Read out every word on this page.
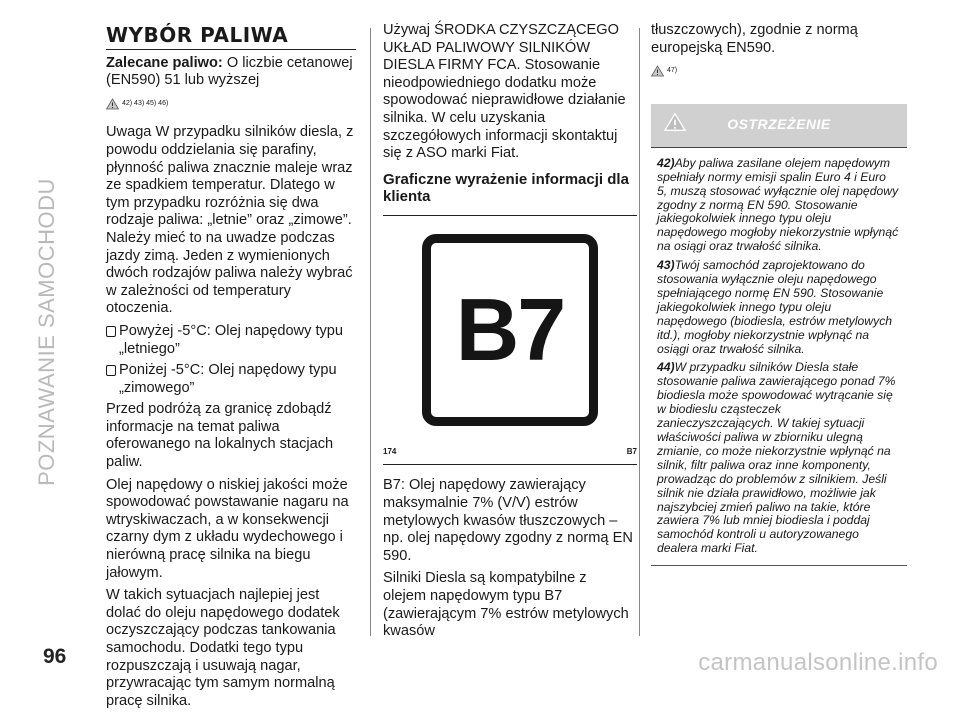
POZNAWANIE SAMOCHODU
WYBÓR PALIWA

Zalecane paliwo: O liczbie cetanowej (EN590) 51 lub wyższej

42) 43) 45) 46)

Uwaga W przypadku silników diesla, z powodu oddzielania się parafiny, płynność paliwa znacznie maleje wraz ze spadkiem temperatur. Dlatego w tym przypadku rozróżnia się dwa rodzaje paliwa: „letnie” oraz „zimowe”. Należy mieć to na uwadze podczas jazdy zimą. Jeden z wymienionych dwóch rodzajów paliwa należy wybrać w zależności od temperatury otoczenia.

Powyżej -5°C: Olej napędowy typu „letniego”
Poniżej -5°C: Olej napędowy typu „zimowego”

Przed podróżą za granicę zdobądź informacje na temat paliwa oferowanego na lokalnych stacjach paliw.

Olej napędowy o niskiej jakości może spowodować powstawanie nagaru na wtryskiwaczach, a w konsekwencji czarny dym z układu wydechowego i nierówną pracę silnika na biegu jałowym.

W takich sytuacjach najlepiej jest dolać do oleju napędowego dodatek oczyszczający podczas tankowania samochodu. Dodatki tego typu rozpuszczają i usuwają nagar, przywracając tym samym normalną pracę silnika.

Używaj ŚRODKA CZYSZCZĄCEGO UKŁAD PALIWOWY SILNIKÓW DIESLA FIRMY FCA. Stosowanie nieodpowiedniego dodatku może spowodować nieprawidłowe działanie silnika. W celu uzyskania szczegółowych informacji skontaktuj się z ASO marki Fiat.

Graficzne wyrażenie informacji dla klienta
B7
174	B7

B7: Olej napędowy zawierający maksymalnie 7% (V/V) estrów metylowych kwasów tłuszczowych – np. olej napędowy zgodny z normą EN 590.

Silniki Diesla są kompatybilne z olejem napędowym typu B7 (zawierającym 7% estrów metylowych kwasów

tłuszczowych), zgodnie z normą europejską EN590.

47)
OSTRZEŻENIE

42)Aby paliwa zasilane olejem napędowym spełniały normy emisji spalin Euro 4 i Euro 5, muszą stosować wyłącznie olej napędowy zgodny z normą EN 590. Stosowanie jakiegokolwiek innego typu oleju napędowego mogłoby niekorzystnie wpłynąć na osiągi oraz trwałość silnika.

43)Twój samochód zaprojektowano do stosowania wyłącznie oleju napędowego spełniającego normę EN 590. Stosowanie jakiegokolwiek innego typu oleju napędowego (biodiesla, estrów metylowych itd.), mogłoby niekorzystnie wpłynąć na osiągi oraz trwałość silnika.

44)W przypadku silników Diesla stałe stosowanie paliwa zawierającego ponad 7% biodiesla może spowodować wytrącanie się w biodieslu cząsteczek zanieczyszczających. W takiej sytuacji właściwości paliwa w zbiorniku ulegną zmianie, co może niekorzystnie wpłynąć na silnik, filtr paliwa oraz inne komponenty, prowadząc do problemów z silnikiem. Jeśli silnik nie działa prawidłowo, możliwie jak najszybciej zmień paliwo na takie, które zawiera 7% lub mniej biodiesla i poddaj samochód kontroli u autoryzowanego dealera marki Fiat.

96	carmanualsonline.info
